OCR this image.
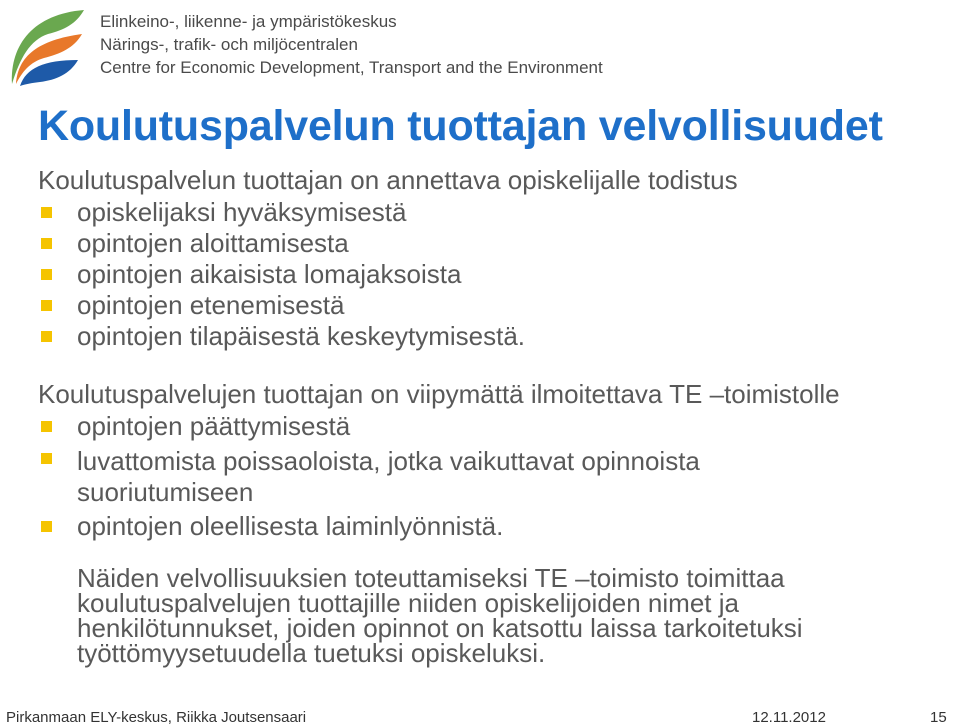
Elinkeino-, liikenne- ja ympäristökeskus
Närings-, trafik- och miljöcentralen
Centre for Economic Development, Transport and the Environment
Koulutuspalvelun tuottajan velvollisuudet
Koulutuspalvelun tuottajan on annettava opiskelijalle todistus
opiskelijaksi hyväksymisestä
opintojen aloittamisesta
opintojen aikaisista lomajaksoista
opintojen etenemisestä
opintojen tilapäisestä keskeytymisestä.
Koulutuspalvelujen tuottajan on viipymättä ilmoitettava TE –toimistolle
opintojen päättymisestä
luvattomista poissaoloista, jotka vaikuttavat opinnoista suoriutumiseen
opintojen oleellisesta laiminlyönnistä.
Näiden velvollisuuksien toteuttamiseksi TE –toimisto toimittaa koulutuspalvelujen tuottajille niiden opiskelijoiden nimet ja henkilötunnukset, joiden opinnot on katsottu laissa tarkoitetuksi työttömyysetuudella tuetuksi opiskeluksi.
Pirkanmaan ELY-keskus, Riikka Joutsensaari	12.11.2012	15
